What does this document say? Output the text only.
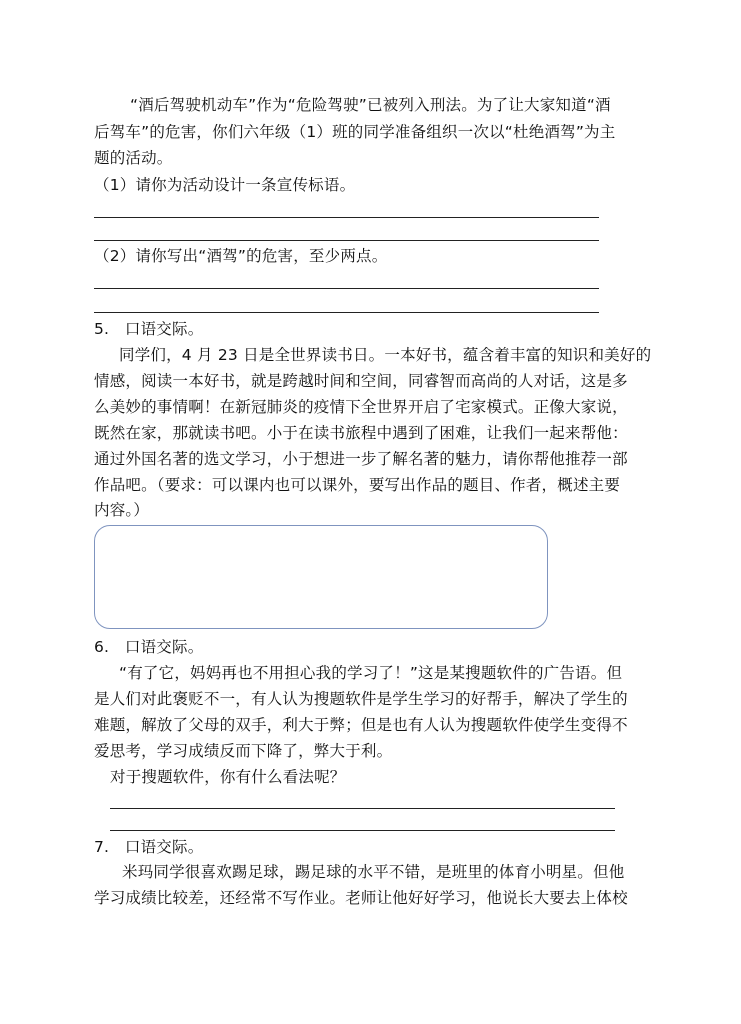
“酒后驾驶机动车”作为“危险驾驶”已被列入刑法。为了让大家知道“酒
后驾车”的危害，你们六年级（1）班的同学准备组织一次以“杜绝酒驾”为主
题的活动。
（1）请你为活动设计一条宣传标语。
（2）请你写出“酒驾”的危害，至少两点。
5.　口语交际。
同学们，4 月 23 日是全世界读书日。一本好书，蕴含着丰富的知识和美好的
情感，阅读一本好书，就是跨越时间和空间，同睿智而高尚的人对话，这是多
么美妙的事情啊！在新冠肺炎的疫情下全世界开启了宅家模式。正像大家说，
既然在家，那就读书吧。小于在读书旅程中遇到了困难，让我们一起来帮他：
通过外国名著的选文学习，小于想进一步了解名著的魅力，请你帮他推荐一部
作品吧。（要求：可以课内也可以课外，要写出作品的题目、作者，概述主要
内容。）
6.　口语交际。
“有了它，妈妈再也不用担心我的学习了！”这是某搜题软件的广告语。但
是人们对此褒贬不一，有人认为搜题软件是学生学习的好帮手，解决了学生的
难题，解放了父母的双手，利大于弊；但是也有人认为搜题软件使学生变得不
爱思考，学习成绩反而下降了，弊大于利。
对于搜题软件，你有什么看法呢？
7.　口语交际。
米玛同学很喜欢踢足球，踢足球的水平不错，是班里的体育小明星。但他
学习成绩比较差，还经常不写作业。老师让他好好学习，他说长大要去上体校
